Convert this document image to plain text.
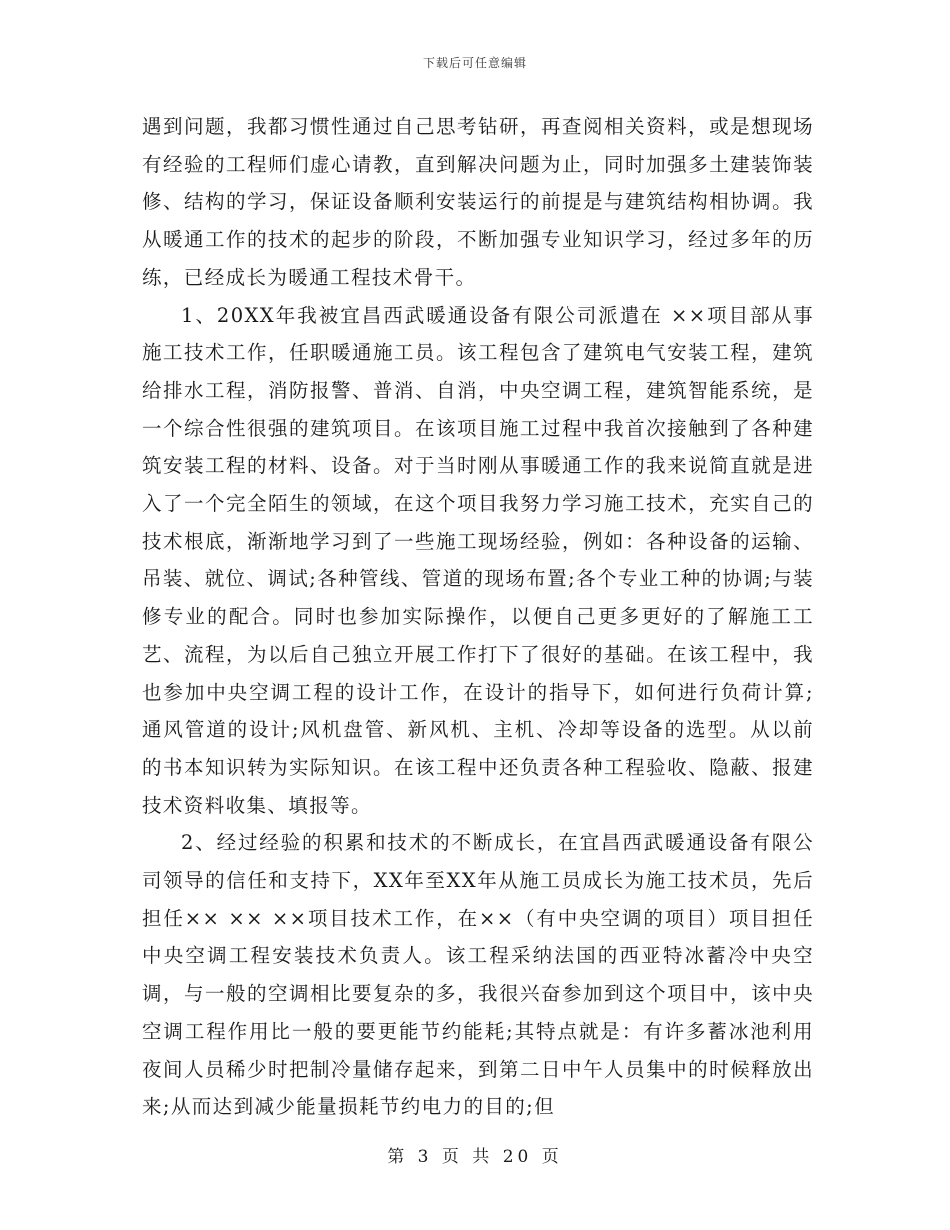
下载后可任意编辑

遇到问题，我都习惯性通过自己思考钻研，再查阅相关资料，或是想现场有经验的工程师们虚心请教，直到解决问题为止，同时加强多土建装饰装修、结构的学习，保证设备顺利安装运行的前提是与建筑结构相协调。我从暖通工作的技术的起步的阶段，不断加强专业知识学习，经过多年的历练，已经成长为暖通工程技术骨干。

1、20XX年我被宜昌西武暖通设备有限公司派遣在 ××项目部从事施工技术工作，任职暖通施工员。该工程包含了建筑电气安装工程，建筑给排水工程，消防报警、普消、自消，中央空调工程，建筑智能系统，是一个综合性很强的建筑项目。在该项目施工过程中我首次接触到了各种建筑安装工程的材料、设备。对于当时刚从事暖通工作的我来说简直就是进入了一个完全陌生的领域，在这个项目我努力学习施工技术，充实自己的技术根底，渐渐地学习到了一些施工现场经验，例如：各种设备的运输、吊装、就位、调试;各种管线、管道的现场布置;各个专业工种的协调;与装修专业的配合。同时也参加实际操作，以便自己更多更好的了解施工工艺、流程，为以后自己独立开展工作打下了很好的基础。在该工程中，我也参加中央空调工程的设计工作，在设计的指导下，如何进行负荷计算;通风管道的设计;风机盘管、新风机、主机、冷却等设备的选型。从以前的书本知识转为实际知识。在该工程中还负责各种工程验收、隐蔽、报建技术资料收集、填报等。

2、经过经验的积累和技术的不断成长，在宜昌西武暖通设备有限公司领导的信任和支持下，XX年至XX年从施工员成长为施工技术员，先后担任×× ×× ××项目技术工作，在××（有中央空调的项目）项目担任中央空调工程安装技术负责人。该工程采纳法国的西亚特冰蓄冷中央空调，与一般的空调相比要复杂的多，我很兴奋参加到这个项目中，该中央空调工程作用比一般的要更能节约能耗;其特点就是：有许多蓄冰池利用夜间人员稀少时把制冷量储存起来，到第二日中午人员集中的时候释放出来;从而达到减少能量损耗节约电力的目的;但

第 3 页 共 20 页
